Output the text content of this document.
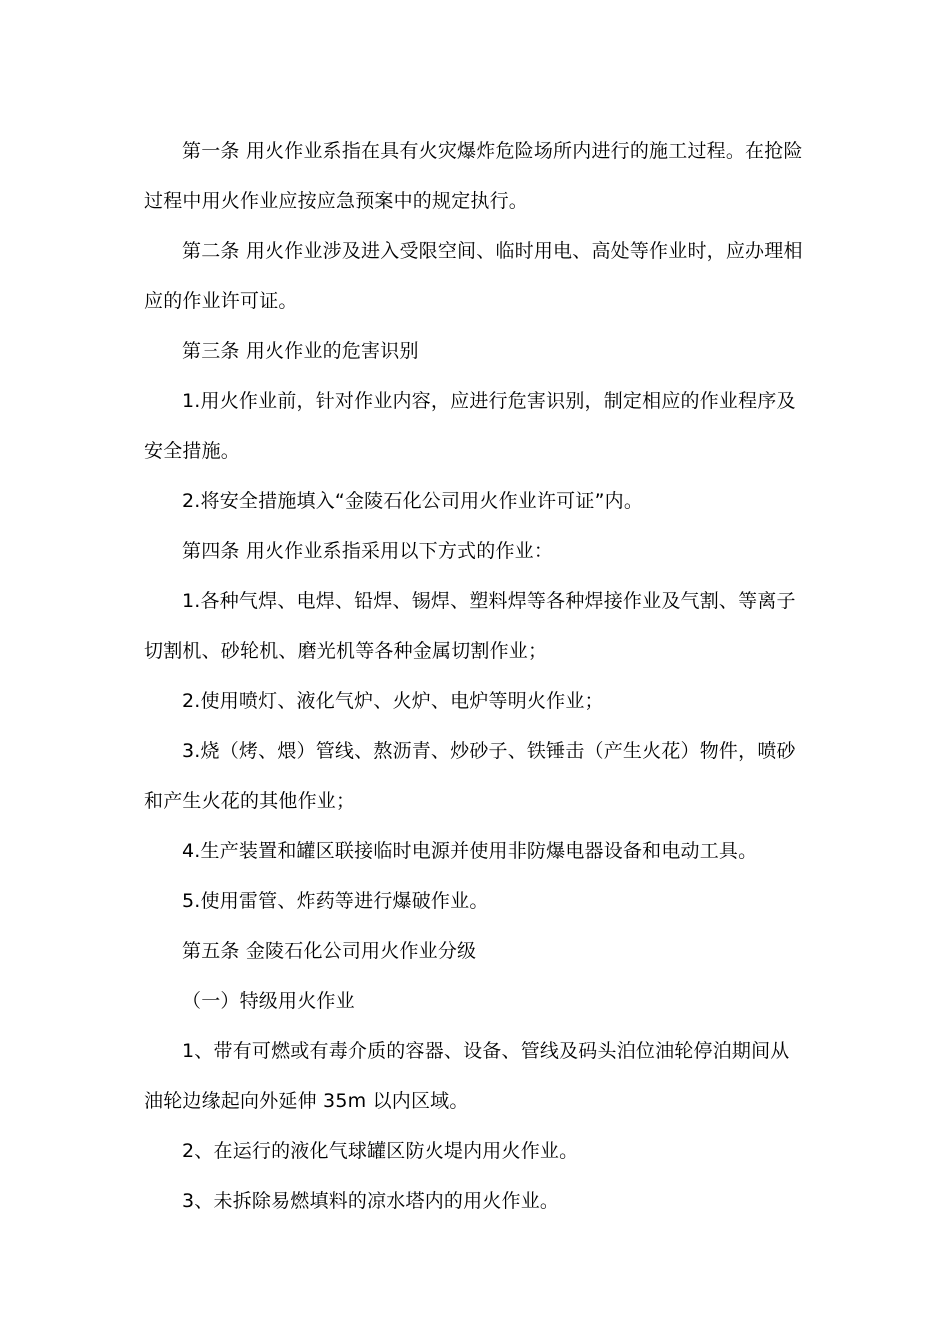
第一条 用火作业系指在具有火灾爆炸危险场所内进行的施工过程。在抢险
过程中用火作业应按应急预案中的规定执行。
第二条 用火作业涉及进入受限空间、临时用电、高处等作业时，应办理相
应的作业许可证。
第三条 用火作业的危害识别
1.用火作业前，针对作业内容，应进行危害识别，制定相应的作业程序及
安全措施。
2.将安全措施填入“金陵石化公司用火作业许可证”内。
第四条 用火作业系指采用以下方式的作业：
1.各种气焊、电焊、铅焊、锡焊、塑料焊等各种焊接作业及气割、等离子
切割机、砂轮机、磨光机等各种金属切割作业；
2.使用喷灯、液化气炉、火炉、电炉等明火作业；
3.烧（烤、煨）管线、熬沥青、炒砂子、铁锤击（产生火花）物件，喷砂
和产生火花的其他作业；
4.生产装置和罐区联接临时电源并使用非防爆电器设备和电动工具。
5.使用雷管、炸药等进行爆破作业。
第五条 金陵石化公司用火作业分级
（一）特级用火作业
1、带有可燃或有毒介质的容器、设备、管线及码头泊位油轮停泊期间从
油轮边缘起向外延伸 35m 以内区域。
2、在运行的液化气球罐区防火堤内用火作业。
3、未拆除易燃填料的凉水塔内的用火作业。
